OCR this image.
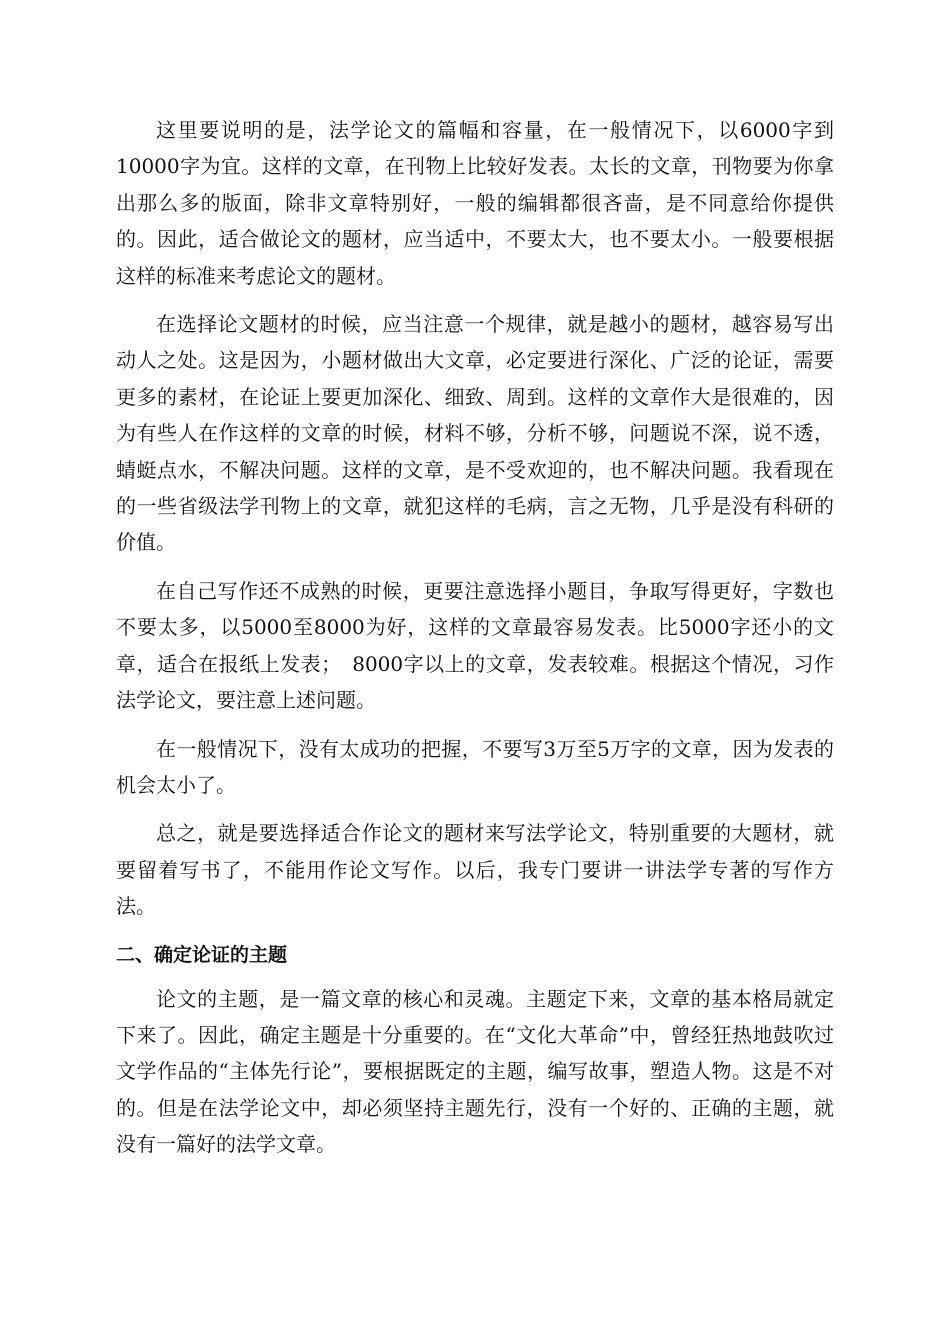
这里要说明的是，法学论文的篇幅和容量，在一般情况下，以6000字到10000字为宜。这样的文章，在刊物上比较好发表。太长的文章，刊物要为你拿出那么多的版面，除非文章特别好，一般的编辑都很吝啬，是不同意给你提供的。因此，适合做论文的题材，应当适中，不要太大，也不要太小。一般要根据这样的标准来考虑论文的题材。

在选择论文题材的时候，应当注意一个规律，就是越小的题材，越容易写出动人之处。这是因为，小题材做出大文章，必定要进行深化、广泛的论证，需要更多的素材，在论证上要更加深化、细致、周到。这样的文章作大是很难的，因为有些人在作这样的文章的时候，材料不够，分析不够，问题说不深，说不透，蜻蜓点水，不解决问题。这样的文章，是不受欢迎的，也不解决问题。我看现在的一些省级法学刊物上的文章，就犯这样的毛病，言之无物，几乎是没有科研的价值。

在自己写作还不成熟的时候，更要注意选择小题目，争取写得更好，字数也不要太多，以5000至8000为好，这样的文章最容易发表。比5000字还小的文章，适合在报纸上发表；　8000字以上的文章，发表较难。根据这个情况，习作法学论文，要注意上述问题。

在一般情况下，没有太成功的把握，不要写3万至5万字的文章，因为发表的机会太小了。

总之，就是要选择适合作论文的题材来写法学论文，特别重要的大题材，就要留着写书了，不能用作论文写作。以后，我专门要讲一讲法学专著的写作方法。

二、确定论证的主题

论文的主题，是一篇文章的核心和灵魂。主题定下来，文章的基本格局就定下来了。因此，确定主题是十分重要的。在“文化大革命”中，曾经狂热地鼓吹过文学作品的“主体先行论”，要根据既定的主题，编写故事，塑造人物。这是不对的。但是在法学论文中，却必须坚持主题先行，没有一个好的、正确的主题，就没有一篇好的法学文章。
